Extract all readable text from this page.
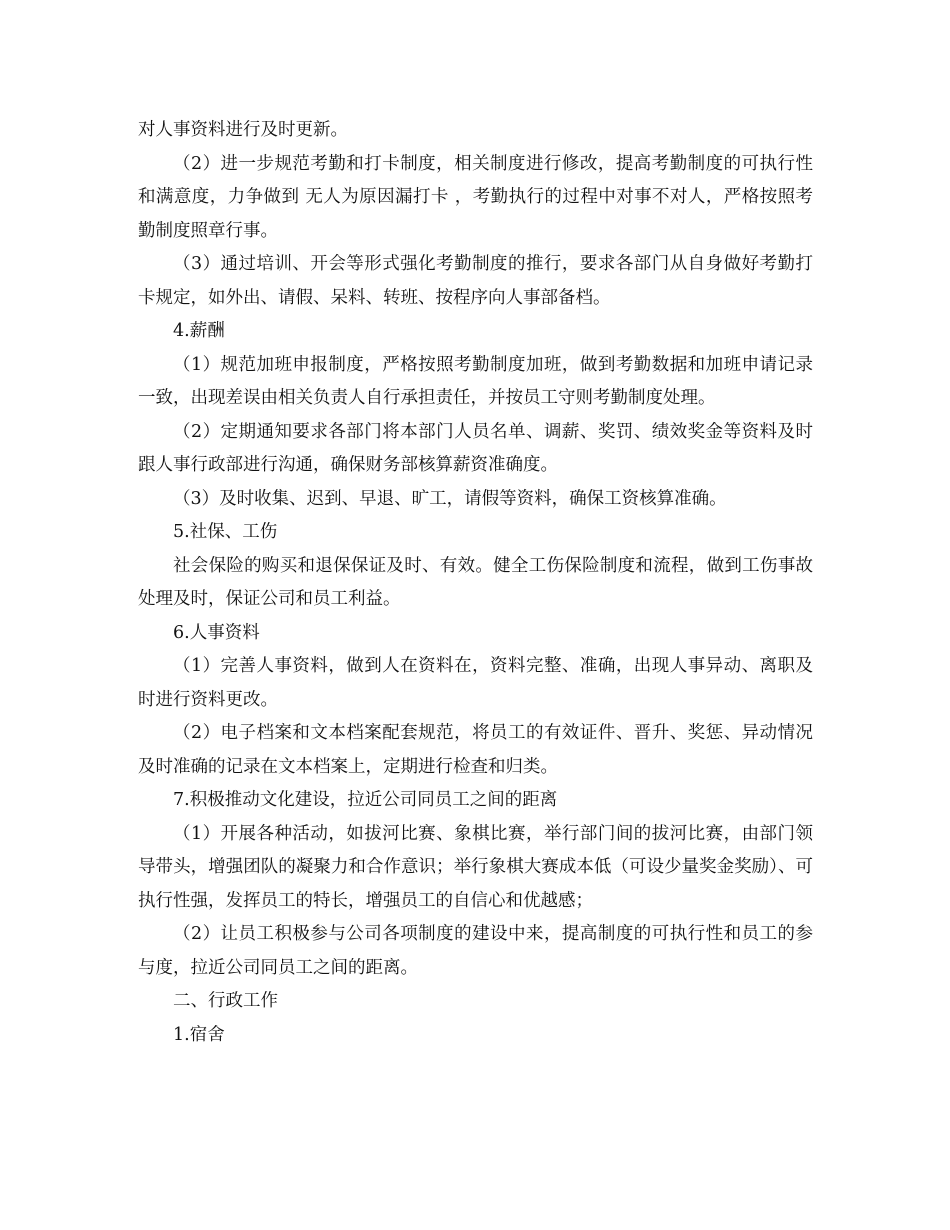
对人事资料进行及时更新。

（2）进一步规范考勤和打卡制度，相关制度进行修改，提高考勤制度的可执行性和满意度，力争做到 无人为原因漏打卡 ，考勤执行的过程中对事不对人，严格按照考勤制度照章行事。

（3）通过培训、开会等形式强化考勤制度的推行，要求各部门从自身做好考勤打卡规定，如外出、请假、呆料、转班、按程序向人事部备档。

4.薪酬

（1）规范加班申报制度，严格按照考勤制度加班，做到考勤数据和加班申请记录一致，出现差误由相关负责人自行承担责任，并按员工守则考勤制度处理。

（2）定期通知要求各部门将本部门人员名单、调薪、奖罚、绩效奖金等资料及时跟人事行政部进行沟通，确保财务部核算薪资准确度。

（3）及时收集、迟到、早退、旷工，请假等资料，确保工资核算准确。

5.社保、工伤

社会保险的购买和退保保证及时、有效。健全工伤保险制度和流程，做到工伤事故处理及时，保证公司和员工利益。

6.人事资料

（1）完善人事资料，做到人在资料在，资料完整、准确，出现人事异动、离职及时进行资料更改。

（2）电子档案和文本档案配套规范，将员工的有效证件、晋升、奖惩、异动情况及时准确的记录在文本档案上，定期进行检查和归类。

7.积极推动文化建设，拉近公司同员工之间的距离

（1）开展各种活动，如拔河比赛、象棋比赛，举行部门间的拔河比赛，由部门领导带头，增强团队的凝聚力和合作意识；举行象棋大赛成本低（可设少量奖金奖励）、可执行性强，发挥员工的特长，增强员工的自信心和优越感；

（2）让员工积极参与公司各项制度的建设中来，提高制度的可执行性和员工的参与度，拉近公司同员工之间的距离。

二、行政工作

1.宿舍
